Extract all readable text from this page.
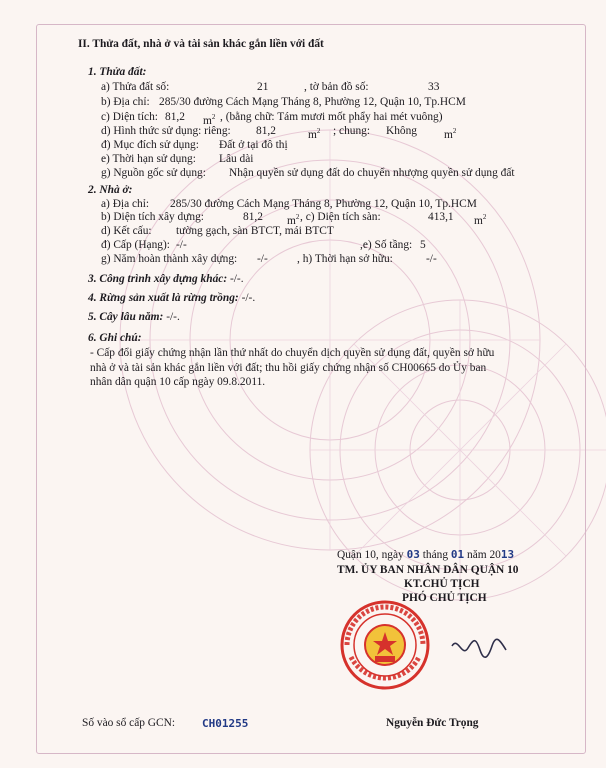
II. Thửa đất, nhà ở và tài sản khác gắn liền với đất
1. Thửa đất:
a) Thửa đất số:	21	, tờ bản đồ số:	33
b) Địa chỉ: 285/30 đường Cách Mạng Tháng 8, Phường 12, Quận 10, Tp.HCM
c) Diện tích: 81,2 $m^2$ , (bằng chữ: Tám mươi mốt phẩy hai mét vuông)
d) Hình thức sử dụng: riêng: 81,2	$m^2$ ; chung: Không $m^2$
đ) Mục đích sử dụng: Đất ở tại đô thị
e) Thời hạn sử dụng: Lâu dài
g) Nguồn gốc sử dụng: Nhận quyền sử dụng đất do chuyển nhượng quyền sử dụng đất
2. Nhà ở:
a) Địa chỉ: 285/30 đường Cách Mạng Tháng 8, Phường 12, Quận 10, Tp.HCM
b) Diện tích xây dựng:	81,2 $m^2$ , c) Diện tích sàn:	413,1 $m^2$
d) Kết cấu: tường gạch, sàn BTCT, mái BTCT
đ) Cấp (Hạng): -/-	,e) Số tầng: 5
g) Năm hoàn thành xây dựng: -/-	, h) Thời hạn sở hữu:	-/-
3. Công trình xây dựng khác: -/-.
4. Rừng sản xuất là rừng trồng: -/-.
5. Cây lâu năm: -/-.
6. Ghi chú:
- Cấp đổi giấy chứng nhận lần thứ nhất do chuyển dịch quyền sử dụng đất, quyền sở hữu
nhà ở và tài sản khác gắn liền với đất; thu hồi giấy chứng nhận số CH00665 do Ủy ban
nhân dân quận 10 cấp ngày 09.8.2011.
Quận 10, ngày 03 tháng 01 năm 2013
TM. ỦY BAN NHÂN DÂN QUẬN 10
KT.CHỦ TỊCH
PHÓ CHỦ TỊCH
Số vào sổ cấp GCN: CH01255	Nguyễn Đức Trọng
